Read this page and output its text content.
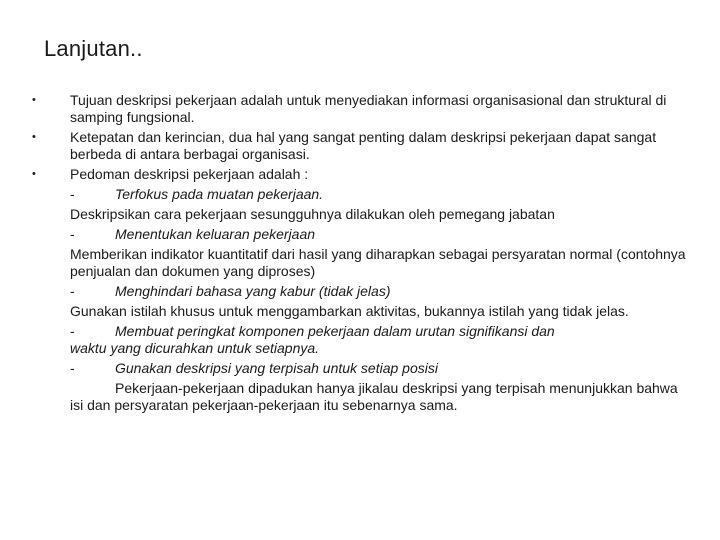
Lanjutan..
• Tujuan deskripsi pekerjaan adalah untuk menyediakan informasi organisasional dan struktural di samping fungsional.
• Ketepatan dan kerincian, dua hal yang sangat penting dalam deskripsi pekerjaan dapat sangat berbeda di antara berbagai organisasi.
• Pedoman deskripsi pekerjaan adalah :
-	Terfokus pada muatan pekerjaan.
Deskripsikan cara pekerjaan sesungguhnya dilakukan oleh pemegang jabatan
-	Menentukan keluaran pekerjaan
Memberikan indikator kuantitatif dari hasil yang diharapkan sebagai persyaratan normal (contohnya penjualan dan dokumen yang diproses)
-	Menghindari bahasa yang kabur (tidak jelas)
Gunakan istilah khusus untuk menggambarkan aktivitas, bukannya istilah yang tidak jelas.
-	Membuat peringkat komponen pekerjaan dalam urutan signifikansi dan
waktu yang dicurahkan untuk setiapnya.
-	Gunakan deskripsi yang terpisah untuk setiap posisi
Pekerjaan-pekerjaan dipadukan hanya jikalau deskripsi yang terpisah menunjukkan bahwa isi dan persyaratan pekerjaan-pekerjaan itu sebenarnya sama.
